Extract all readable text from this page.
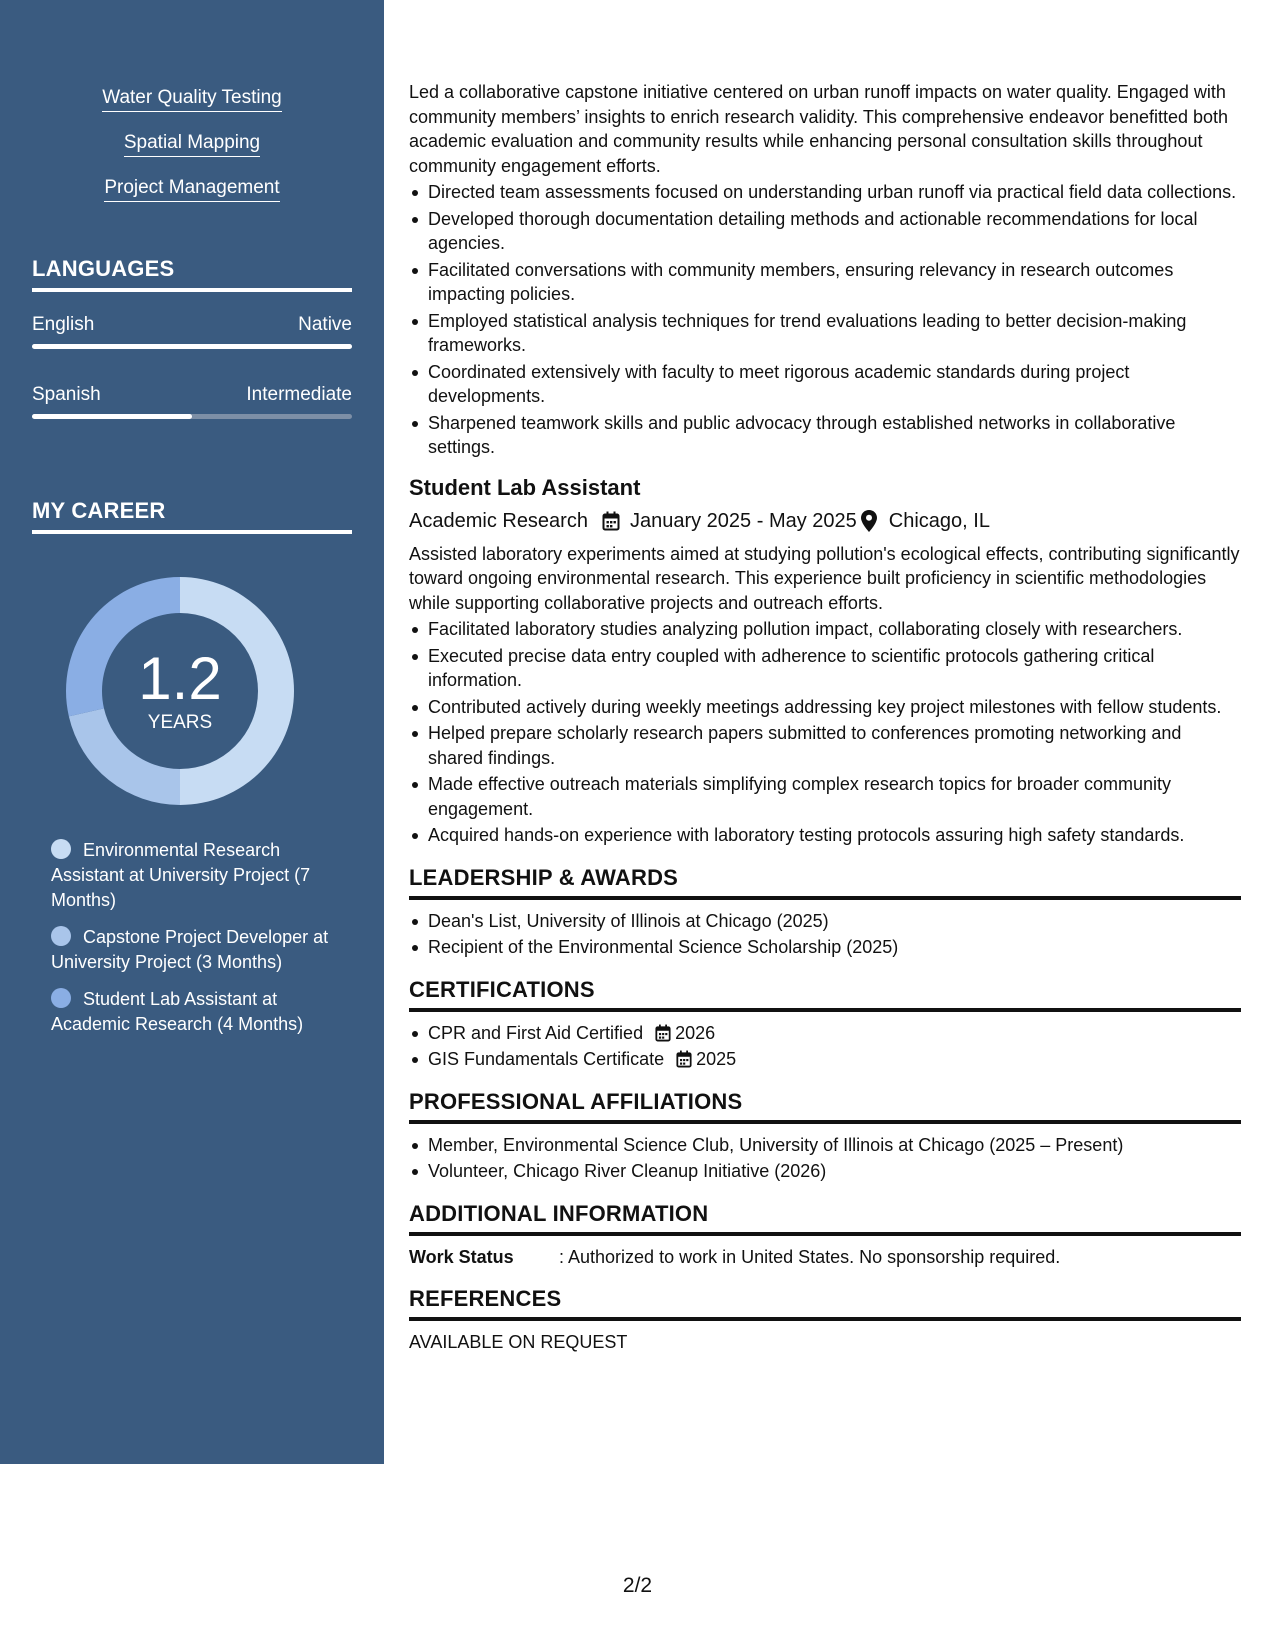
Water Quality Testing
Spatial Mapping
Project Management
LANGUAGES
English	Native
Spanish	Intermediate
MY CAREER
1.2
YEARS
Environmental Research Assistant at University Project (7 Months)
Capstone Project Developer at University Project (3 Months)
Student Lab Assistant at Academic Research (4 Months)

Led a collaborative capstone initiative centered on urban runoff impacts on water quality. Engaged with community members’ insights to enrich research validity. This comprehensive endeavor benefitted both academic evaluation and community results while enhancing personal consultation skills throughout community engagement efforts.

Directed team assessments focused on understanding urban runoff via practical field data collections.
Developed thorough documentation detailing methods and actionable recommendations for local agencies.
Facilitated conversations with community members, ensuring relevancy in research outcomes impacting policies.
Employed statistical analysis techniques for trend evaluations leading to better decision-making frameworks.
Coordinated extensively with faculty to meet rigorous academic standards during project developments.
Sharpened teamwork skills and public advocacy through established networks in collaborative settings.
Student Lab Assistant
Academic Research January 2025 - May 2025 Chicago, IL

Assisted laboratory experiments aimed at studying pollution's ecological effects, contributing significantly toward ongoing environmental research. This experience built proficiency in scientific methodologies while supporting collaborative projects and outreach efforts.

Facilitated laboratory studies analyzing pollution impact, collaborating closely with researchers.
Executed precise data entry coupled with adherence to scientific protocols gathering critical information.
Contributed actively during weekly meetings addressing key project milestones with fellow students.
Helped prepare scholarly research papers submitted to conferences promoting networking and shared findings.
Made effective outreach materials simplifying complex research topics for broader community engagement.
Acquired hands-on experience with laboratory testing protocols assuring high safety standards.
LEADERSHIP & AWARDS
Dean's List, University of Illinois at Chicago (2025)
Recipient of the Environmental Science Scholarship (2025)
CERTIFICATIONS
CPR and First Aid Certified 2026
GIS Fundamentals Certificate 2025
PROFESSIONAL AFFILIATIONS
Member, Environmental Science Club, University of Illinois at Chicago (2025 – Present)
Volunteer, Chicago River Cleanup Initiative (2026)
ADDITIONAL INFORMATION
Work Status	: Authorized to work in United States. No sponsorship required.
REFERENCES
AVAILABLE ON REQUEST
2/2
